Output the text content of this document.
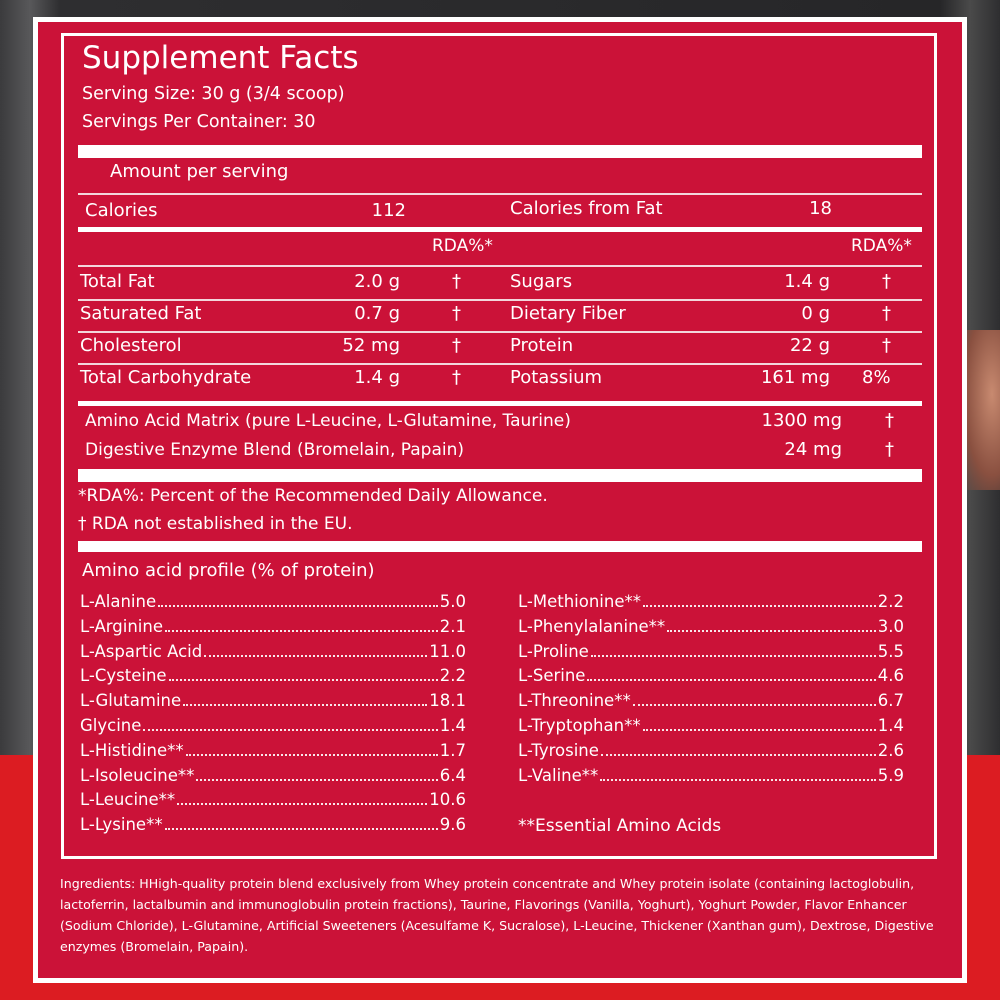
Supplement Facts
Serving Size: 30 g (3/4 scoop)
Servings Per Container: 30
Amount per serving
Calories	112	Calories from Fat	18
RDA%*	RDA%*
Total Fat	2.0 g	†
Saturated Fat	0.7 g	†
Cholesterol	52 mg	†
Total Carbohydrate	1.4 g	†
Sugars	1.4 g	†
Dietary Fiber	0 g	†
Protein	22 g	†
Potassium	161 mg 8%
Amino Acid Matrix (pure L-Leucine, L-Glutamine, Taurine)	1300 mg †
Digestive Enzyme Blend (Bromelain, Papain)	24 mg †
*RDA%: Percent of the Recommended Daily Allowance.
† RDA not established in the EU.
Amino acid profile (% of protein)
L-Alanine	5.0
L-Arginine	2.1
L-Aspartic Acid	11.0
L-Cysteine	2.2
L-Glutamine	18.1
Glycine	1.4
L-Histidine**	1.7
L-Isoleucine**	6.4
L-Leucine**	10.6
L-Lysine**	9.6
L-Methionine**	2.2
L-Phenylalanine**	3.0
L-Proline	5.5
L-Serine	4.6
L-Threonine**	6.7
L-Tryptophan**	1.4
L-Tyrosine	2.6
L-Valine**	5.9
**Essential Amino Acids
Ingredients: HHigh-quality protein blend exclusively from Whey protein concentrate and Whey protein isolate (containing lactoglobulin, lactoferrin, lactalbumin and immunoglobulin protein fractions), Taurine, Flavorings (Vanilla, Yoghurt), Yoghurt Powder, Flavor Enhancer (Sodium Chloride), L-Glutamine, Artificial Sweeteners (Acesulfame K, Sucralose), L-Leucine, Thickener (Xanthan gum), Dextrose, Digestive enzymes (Bromelain, Papain).
